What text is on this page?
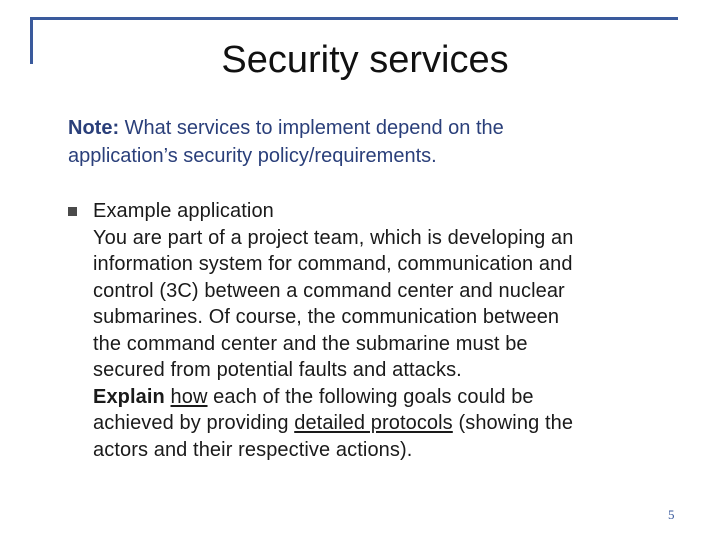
Security services
Note: What services to implement depend on the
application’s security policy/requirements.
Example application
You are part of a project team, which is developing an
information system for command, communication and
control (3C) between a command center and nuclear
submarines. Of course, the communication between
the command center and the submarine must be
secured from potential faults and attacks.
Explain how each of the following goals could be
achieved by providing detailed protocols (showing the
actors and their respective actions).
5
